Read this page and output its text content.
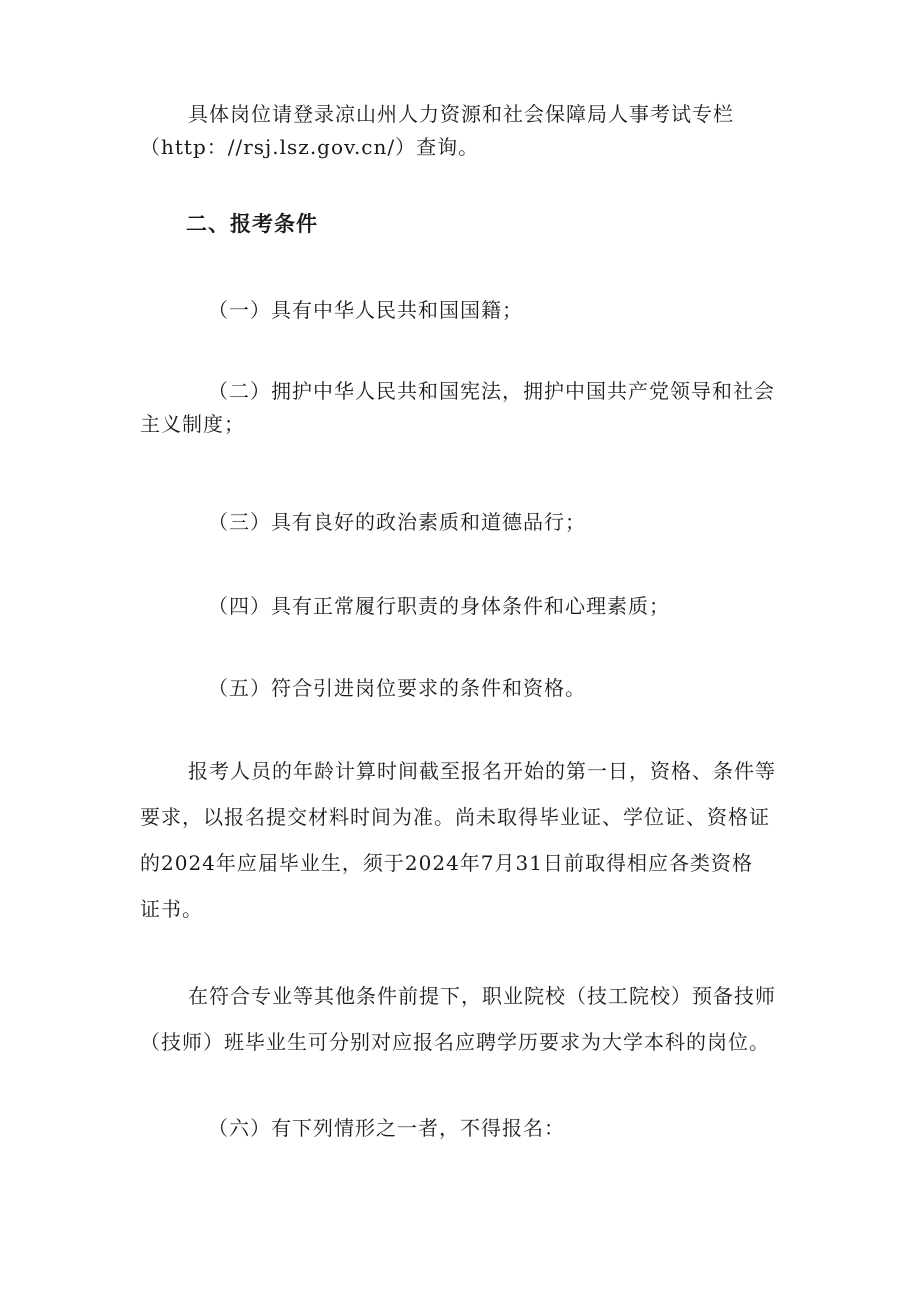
具体岗位请登录凉山州人力资源和社会保障局人事考试专栏
（http：//rsj.lsz.gov.cn/）查询。

二、报考条件

（一）具有中华人民共和国国籍；

（二）拥护中华人民共和国宪法，拥护中国共产党领导和社会
主义制度；

（三）具有良好的政治素质和道德品行；

（四）具有正常履行职责的身体条件和心理素质；

（五）符合引进岗位要求的条件和资格。

报考人员的年龄计算时间截至报名开始的第一日，资格、条件等
要求，以报名提交材料时间为准。尚未取得毕业证、学位证、资格证
的2024年应届毕业生，须于2024年7月31日前取得相应各类资格
证书。

在符合专业等其他条件前提下，职业院校（技工院校）预备技师
（技师）班毕业生可分别对应报名应聘学历要求为大学本科的岗位。

（六）有下列情形之一者，不得报名：
